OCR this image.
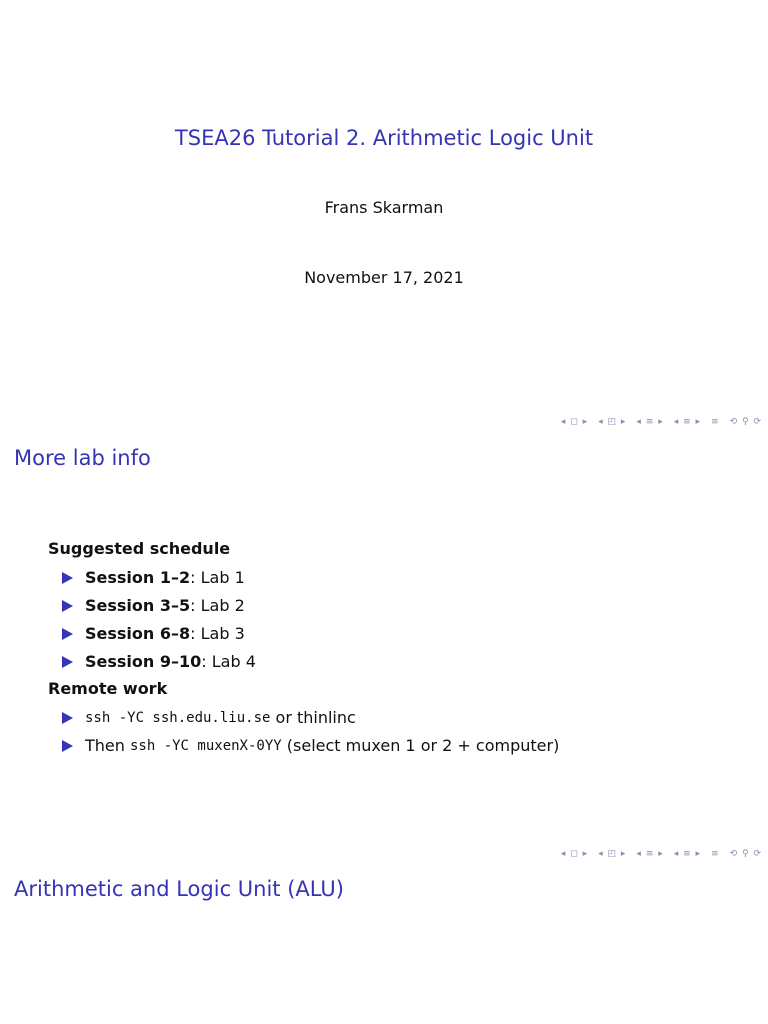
TSEA26 Tutorial 2. Arithmetic Logic Unit
Frans Skarman
November 17, 2021
◂ ◻ ▸ ◂ ◰ ▸ ◂ ≡ ▸ ◂ ≡ ▸ ≡ ⟲ ⚲ ⟳
More lab info
Suggested schedule
Session 1–2 : Lab 1
Session 3–5 : Lab 2
Session 6–8 : Lab 3
Session 9–10 : Lab 4
Remote work
ssh -YC ssh.edu.liu.se or thinlinc
Then ssh -YC muxenX-0YY (select muxen 1 or 2 + computer)
◂ ◻ ▸ ◂ ◰ ▸ ◂ ≡ ▸ ◂ ≡ ▸ ≡ ⟲ ⚲ ⟳
Arithmetic and Logic Unit (ALU)
